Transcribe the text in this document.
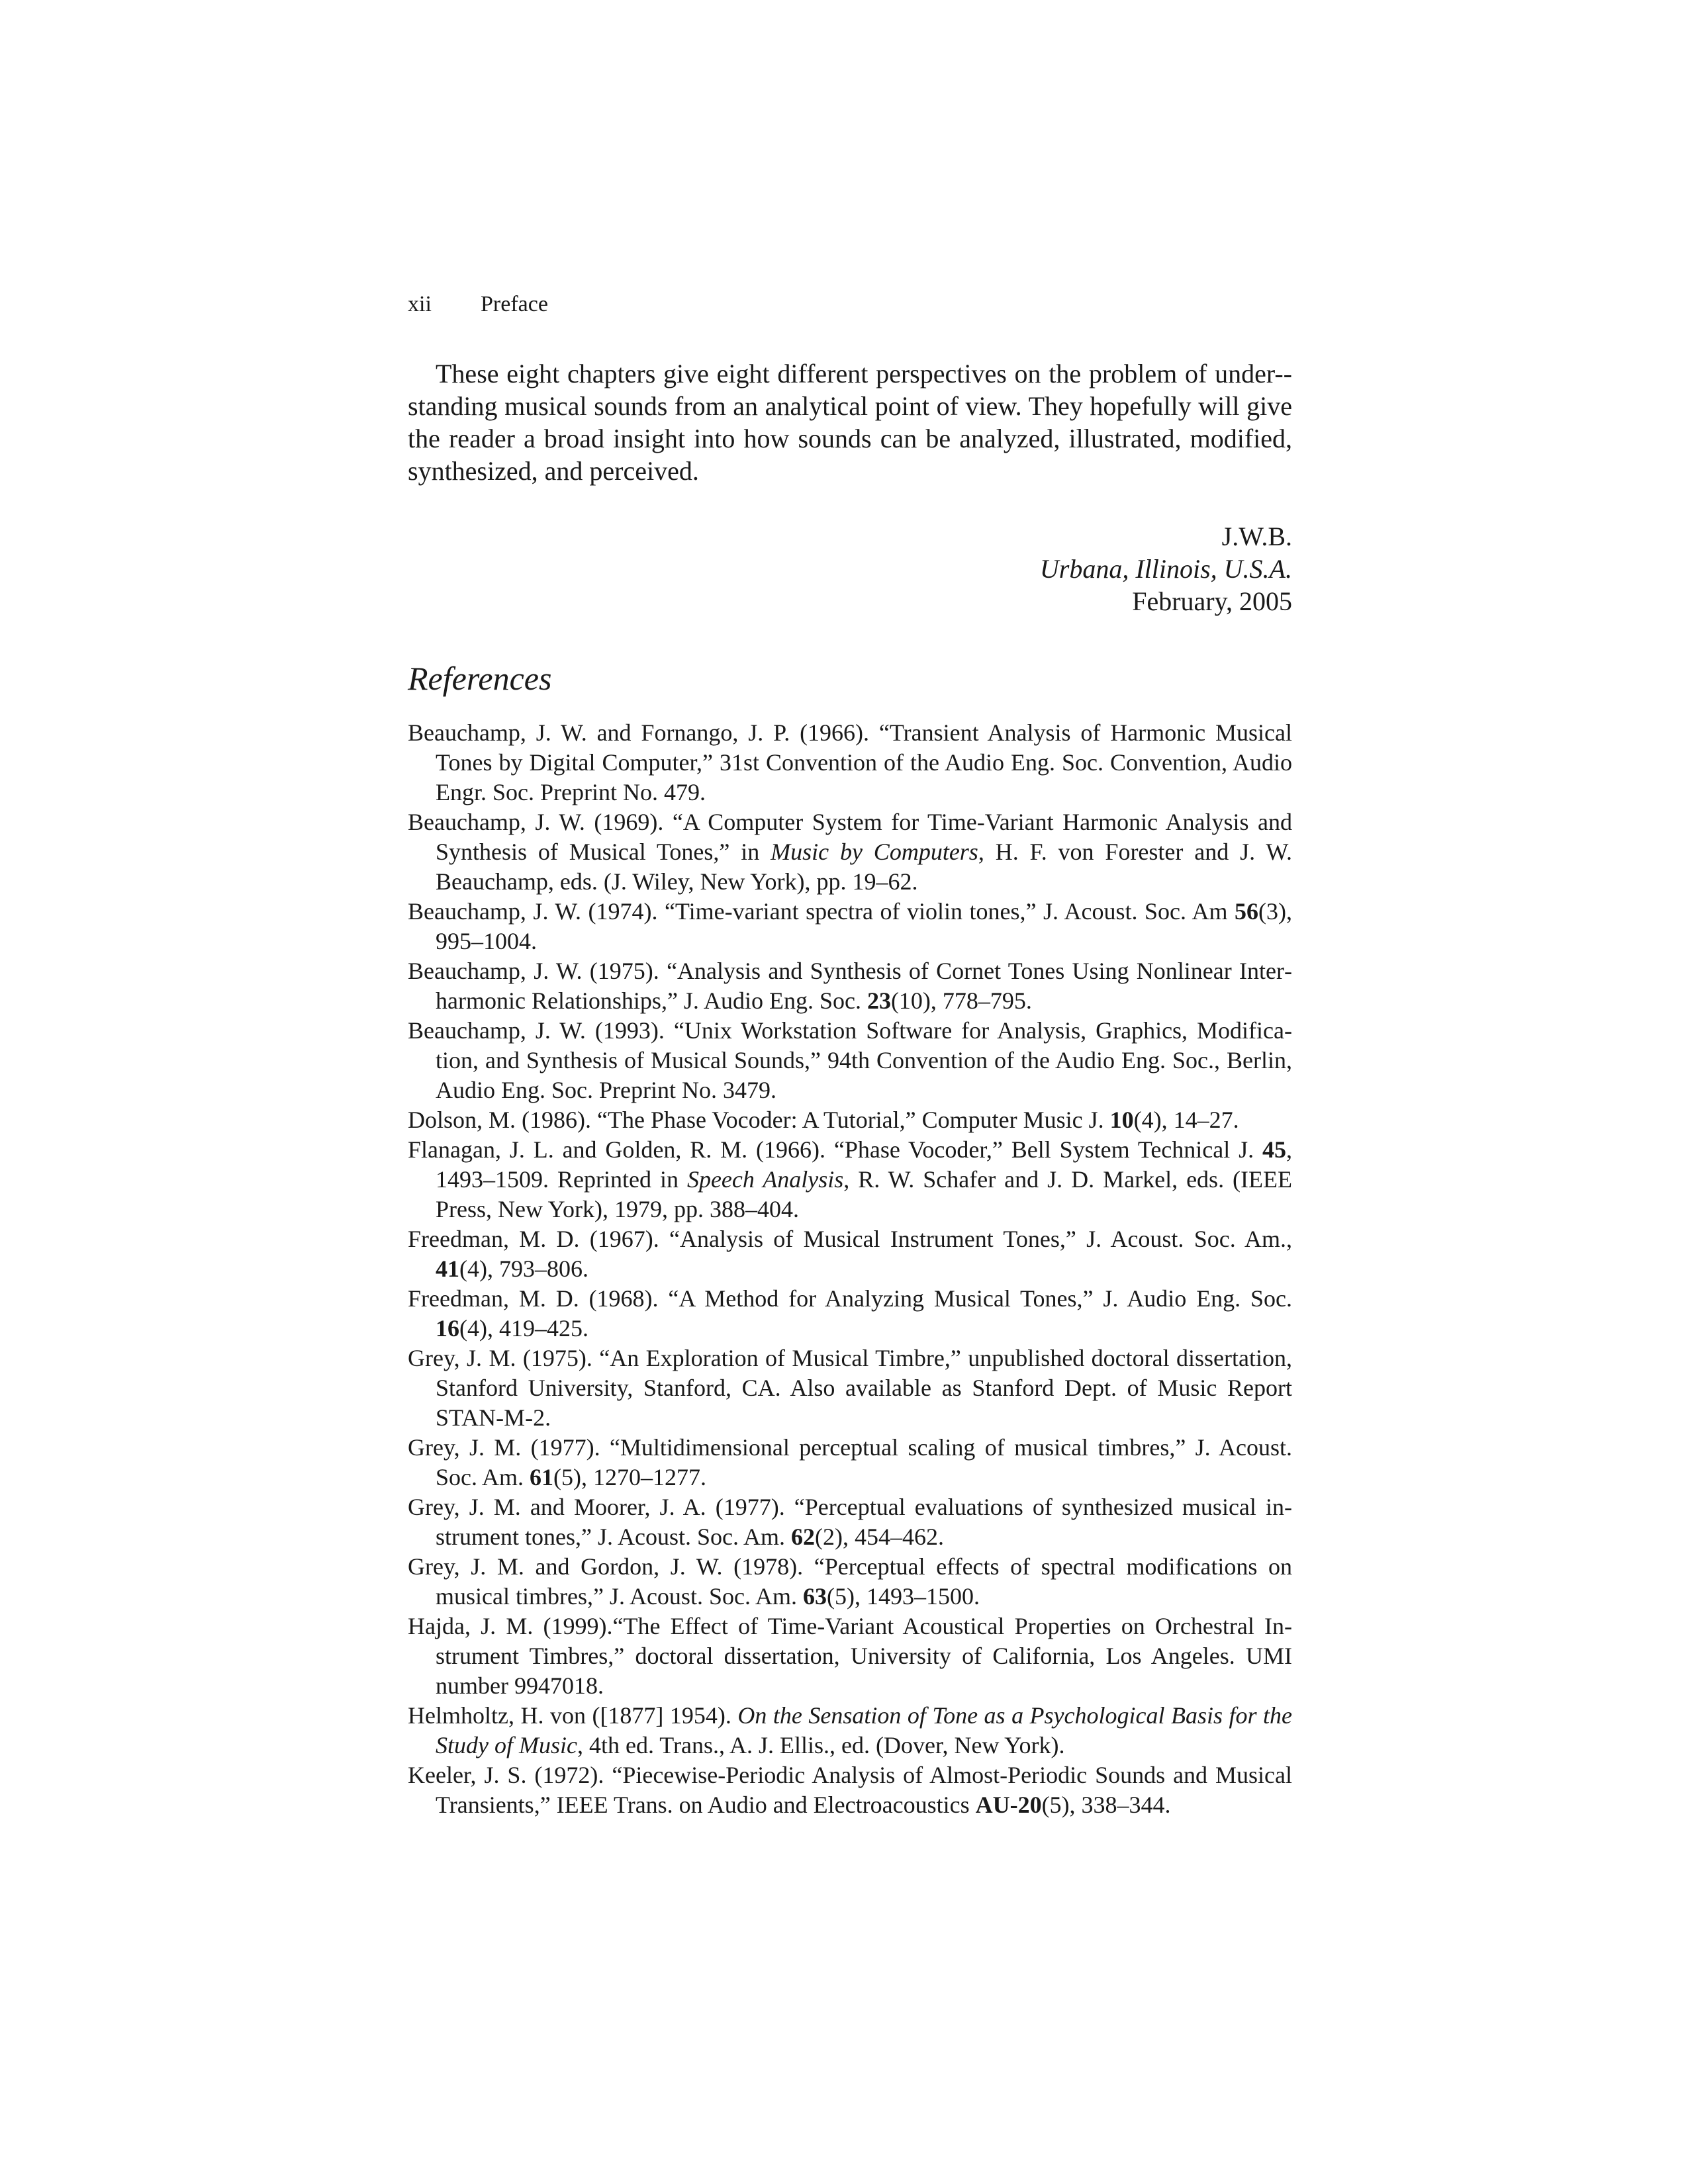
xii Preface

These eight chapters give eight different perspectives on the problem of under-standing musical sounds from an analytical point of view. They hopefully will give the reader a broad insight into how sounds can be analyzed, illustrated, modified, synthesized, and perceived.

J.W.B.
Urbana, Illinois, U.S.A.
February, 2005
References
Beauchamp, J. W. and Fornango, J. P. (1966). “Transient Analysis of Harmonic Musical Tones by Digital Computer,” 31st Convention of the Audio Eng. Soc. Convention, Audio Engr. Soc. Preprint No. 479.
Beauchamp, J. W. (1969). “A Computer System for Time-Variant Harmonic Analysis and Synthesis of Musical Tones,” in Music by Computers, H. F. von Forester and J. W. Beauchamp, eds. (J. Wiley, New York), pp. 19–62.
Beauchamp, J. W. (1974). “Time-variant spectra of violin tones,” J. Acoust. Soc. Am 56(3), 995–1004.
Beauchamp, J. W. (1975). “Analysis and Synthesis of Cornet Tones Using Nonlinear Interharmonic Relationships,” J. Audio Eng. Soc. 23(10), 778–795.
Beauchamp, J. W. (1993). “Unix Workstation Software for Analysis, Graphics, Modification, and Synthesis of Musical Sounds,” 94th Convention of the Audio Eng. Soc., Berlin, Audio Eng. Soc. Preprint No. 3479.
Dolson, M. (1986). “The Phase Vocoder: A Tutorial,” Computer Music J. 10(4), 14–27.
Flanagan, J. L. and Golden, R. M. (1966). “Phase Vocoder,” Bell System Technical J. 45, 1493–1509. Reprinted in Speech Analysis, R. W. Schafer and J. D. Markel, eds. (IEEE Press, New York), 1979, pp. 388–404.
Freedman, M. D. (1967). “Analysis of Musical Instrument Tones,” J. Acoust. Soc. Am., 41(4), 793–806.
Freedman, M. D. (1968). “A Method for Analyzing Musical Tones,” J. Audio Eng. Soc. 16(4), 419–425.
Grey, J. M. (1975). “An Exploration of Musical Timbre,” unpublished doctoral dissertation, Stanford University, Stanford, CA. Also available as Stanford Dept. of Music Report STAN-M-2.
Grey, J. M. (1977). “Multidimensional perceptual scaling of musical timbres,” J. Acoust. Soc. Am. 61(5), 1270–1277.
Grey, J. M. and Moorer, J. A. (1977). “Perceptual evaluations of synthesized musical instrument tones,” J. Acoust. Soc. Am. 62(2), 454–462.
Grey, J. M. and Gordon, J. W. (1978). “Perceptual effects of spectral modifications on musical timbres,” J. Acoust. Soc. Am. 63(5), 1493–1500.
Hajda, J. M. (1999).“The Effect of Time-Variant Acoustical Properties on Orchestral Instrument Timbres,” doctoral dissertation, University of California, Los Angeles. UMI number 9947018.
Helmholtz, H. von ([1877] 1954). On the Sensation of Tone as a Psychological Basis for the Study of Music, 4th ed. Trans., A. J. Ellis., ed. (Dover, New York).
Keeler, J. S. (1972). “Piecewise-Periodic Analysis of Almost-Periodic Sounds and Musical Transients,” IEEE Trans. on Audio and Electroacoustics AU-20(5), 338–344.
